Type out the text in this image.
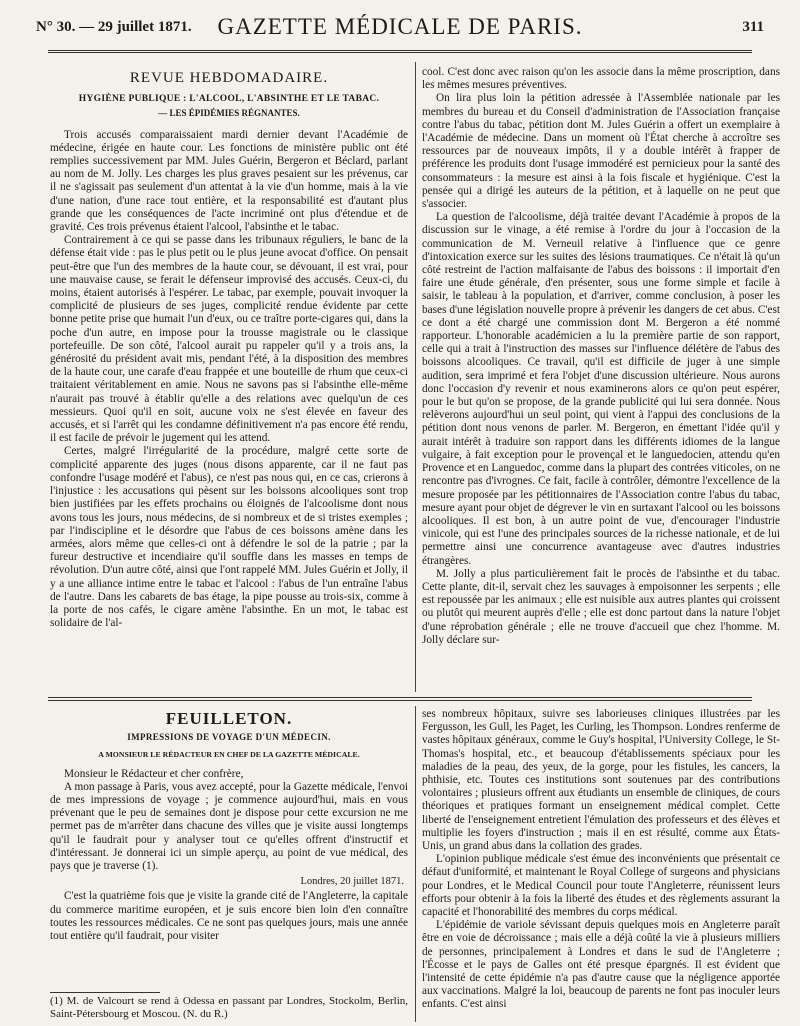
N° 30. — 29 juillet 1871.	GAZETTE MÉDICALE DE PARIS.	311
REVUE HEBDOMADAIRE.
HYGIÈNE PUBLIQUE : L'ALCOOL, L'ABSINTHE ET LE TABAC.
— LES ÉPIDÉMIES RÉGNANTES.

Trois accusés comparaissaient mardi dernier devant l'Académie de médecine, érigée en haute cour. Les fonctions de ministère public ont été remplies successivement par MM. Jules Guérin, Bergeron et Béclard, parlant au nom de M. Jolly. Les charges les plus graves pesaient sur les prévenus, car il ne s'agissait pas seulement d'un attentat à la vie d'un homme, mais à la vie d'une nation, d'une race tout entière, et la responsabilité est d'autant plus grande que les conséquences de l'acte incriminé ont plus d'étendue et de gravité. Ces trois prévenus étaient l'alcool, l'absinthe et le tabac.

Contrairement à ce qui se passe dans les tribunaux réguliers, le banc de la défense était vide : pas le plus petit ou le plus jeune avocat d'office. On pensait peut-être que l'un des membres de la haute cour, se dévouant, il est vrai, pour une mauvaise cause, se ferait le défenseur improvisé des accusés. Ceux-ci, du moins, étaient autorisés à l'espérer. Le tabac, par exemple, pouvait invoquer la complicité de plusieurs de ses juges, complicité rendue évidente par cette bonne petite prise que humait l'un d'eux, ou ce traître porte-cigares qui, dans la poche d'un autre, en impose pour la trousse magistrale ou le classique portefeuille. De son côté, l'alcool aurait pu rappeler qu'il y a trois ans, la générosité du président avait mis, pendant l'été, à la disposition des membres de la haute cour, une carafe d'eau frappée et une bouteille de rhum que ceux-ci traitaient véritablement en amie. Nous ne savons pas si l'absinthe elle-même n'aurait pas trouvé à établir qu'elle a des relations avec quelqu'un de ces messieurs. Quoi qu'il en soit, aucune voix ne s'est élevée en faveur des accusés, et si l'arrêt qui les condamne définitivement n'a pas encore été rendu, il est facile de prévoir le jugement qui les attend.

Certes, malgré l'irrégularité de la procédure, malgré cette sorte de complicité apparente des juges (nous disons apparente, car il ne faut pas confondre l'usage modéré et l'abus), ce n'est pas nous qui, en ce cas, crierons à l'injustice : les accusations qui pèsent sur les boissons alcooliques sont trop bien justifiées par les effets prochains ou éloignés de l'alcoolisme dont nous avons tous les jours, nous médecins, de si nombreux et de si tristes exemples ; par l'indiscipline et le désordre que l'abus de ces boissons amène dans les armées, alors même que celles-ci ont à défendre le sol de la patrie ; par la fureur destructive et incendiaire qu'il souffle dans les masses en temps de révolution. D'un autre côté, ainsi que l'ont rappelé MM. Jules Guérin et Jolly, il y a une alliance intime entre le tabac et l'alcool : l'abus de l'un entraîne l'abus de l'autre. Dans les cabarets de bas étage, la pipe pousse au trois-six, comme à la porte de nos cafés, le cigare amène l'absinthe. En un mot, le tabac est solidaire de l'al-

cool. C'est donc avec raison qu'on les associe dans la même proscription, dans les mêmes mesures préventives.

On lira plus loin la pétition adressée à l'Assemblée nationale par les membres du bureau et du Conseil d'administration de l'Association française contre l'abus du tabac, pétition dont M. Jules Guérin a offert un exemplaire à l'Académie de médecine. Dans un moment où l'État cherche à accroître ses ressources par de nouveaux impôts, il y a double intérêt à frapper de préférence les produits dont l'usage immodéré est pernicieux pour la santé des consommateurs : la mesure est ainsi à la fois fiscale et hygiénique. C'est la pensée qui a dirigé les auteurs de la pétition, et à laquelle on ne peut que s'associer.

La question de l'alcoolisme, déjà traitée devant l'Académie à propos de la discussion sur le vinage, a été remise à l'ordre du jour à l'occasion de la communication de M. Verneuil relative à l'influence que ce genre d'intoxication exerce sur les suites des lésions traumatiques. Ce n'était là qu'un côté restreint de l'action malfaisante de l'abus des boissons : il importait d'en faire une étude générale, d'en présenter, sous une forme simple et facile à saisir, le tableau à la population, et d'arriver, comme conclusion, à poser les bases d'une législation nouvelle propre à prévenir les dangers de cet abus. C'est ce dont a été chargé une commission dont M. Bergeron a été nommé rapporteur. L'honorable académicien a lu la première partie de son rapport, celle qui a trait à l'instruction des masses sur l'influence délétère de l'abus des boissons alcooliques. Ce travail, qu'il est difficile de juger à une simple audition, sera imprimé et fera l'objet d'une discussion ultérieure. Nous aurons donc l'occasion d'y revenir et nous examinerons alors ce qu'on peut espérer, pour le but qu'on se propose, de la grande publicité qui lui sera donnée. Nous relèverons aujourd'hui un seul point, qui vient à l'appui des conclusions de la pétition dont nous venons de parler. M. Bergeron, en émettant l'idée qu'il y aurait intérêt à traduire son rapport dans les différents idiomes de la langue vulgaire, à fait exception pour le provençal et le languedocien, attendu qu'en Provence et en Languedoc, comme dans la plupart des contrées viticoles, on ne rencontre pas d'ivrognes. Ce fait, facile à contrôler, démontre l'excellence de la mesure proposée par les pétitionnaires de l'Association contre l'abus du tabac, mesure ayant pour objet de dégrever le vin en surtaxant l'alcool ou les boissons alcooliques. Il est bon, à un autre point de vue, d'encourager l'industrie vinicole, qui est l'une des principales sources de la richesse nationale, et de lui permettre ainsi une concurrence avantageuse avec d'autres industries étrangères.

M. Jolly a plus particulièrement fait le procès de l'absinthe et du tabac. Cette plante, dit-il, servait chez les sauvages à empoisonner les serpents ; elle est repoussée par les animaux ; elle est nuisible aux autres plantes qui croissent ou plutôt qui meurent auprès d'elle ; elle est donc partout dans la nature l'objet d'une réprobation générale ; elle ne trouve d'accueil que chez l'homme. M. Jolly déclare sur-

FEUILLETON.
IMPRESSIONS DE VOYAGE D'UN MÉDECIN.
A MONSIEUR LE RÉDACTEUR EN CHEF DE LA GAZETTE MÉDICALE.

Monsieur le Rédacteur et cher confrère,

A mon passage à Paris, vous avez accepté, pour la Gazette médicale, l'envoi de mes impressions de voyage ; je commence aujourd'hui, mais en vous prévenant que le peu de semaines dont je dispose pour cette excursion ne me permet pas de m'arrêter dans chacune des villes que je visite aussi longtemps qu'il le faudrait pour y analyser tout ce qu'elles offrent d'instructif et d'intéressant. Je donnerai ici un simple aperçu, au point de vue médical, des pays que je traverse (1).

Londres, 20 juillet 1871.

C'est la quatrième fois que je visite la grande cité de l'Angleterre, la capitale du commerce maritime européen, et je suis encore bien loin d'en connaître toutes les ressources médicales. Ce ne sont pas quelques jours, mais une année tout entière qu'il faudrait, pour visiter

(1) M. de Valcourt se rend à Odessa en passant par Londres, Stockolm, Berlin, Saint-Pétersbourg et Moscou. (N. du R.)

ses nombreux hôpitaux, suivre ses laborieuses cliniques illustrées par les Fergusson, les Gull, les Paget, les Curling, les Thompson. Londres renferme de vastes hôpitaux généraux, comme le Guy's hospital, l'University College, le St-Thomas's hospital, etc., et beaucoup d'établissements spéciaux pour les maladies de la peau, des yeux, de la gorge, pour les fistules, les cancers, la phthisie, etc. Toutes ces institutions sont soutenues par des contributions volontaires ; plusieurs offrent aux étudiants un ensemble de cliniques, de cours théoriques et pratiques formant un enseignement médical complet. Cette liberté de l'enseignement entretient l'émulation des professeurs et des élèves et multiplie les foyers d'instruction ; mais il en est résulté, comme aux États-Unis, un grand abus dans la collation des grades.

L'opinion publique médicale s'est émue des inconvénients que présentait ce défaut d'uniformité, et maintenant le Royal College of surgeons and physicians pour Londres, et le Medical Council pour toute l'Angleterre, réunissent leurs efforts pour obtenir à la fois la liberté des études et des règlements assurant la capacité et l'honorabilité des membres du corps médical.

L'épidémie de variole sévissant depuis quelques mois en Angleterre paraît être en voie de décroissance ; mais elle a déjà coûté la vie à plusieurs milliers de personnes, principalement à Londres et dans le sud de l'Angleterre ; l'Écosse et le pays de Galles ont été presque épargnés. Il est évident que l'intensité de cette épidémie n'a pas d'autre cause que la négligence apportée aux vaccinations. Malgré la loi, beaucoup de parents ne font pas inoculer leurs enfants. C'est ainsi
